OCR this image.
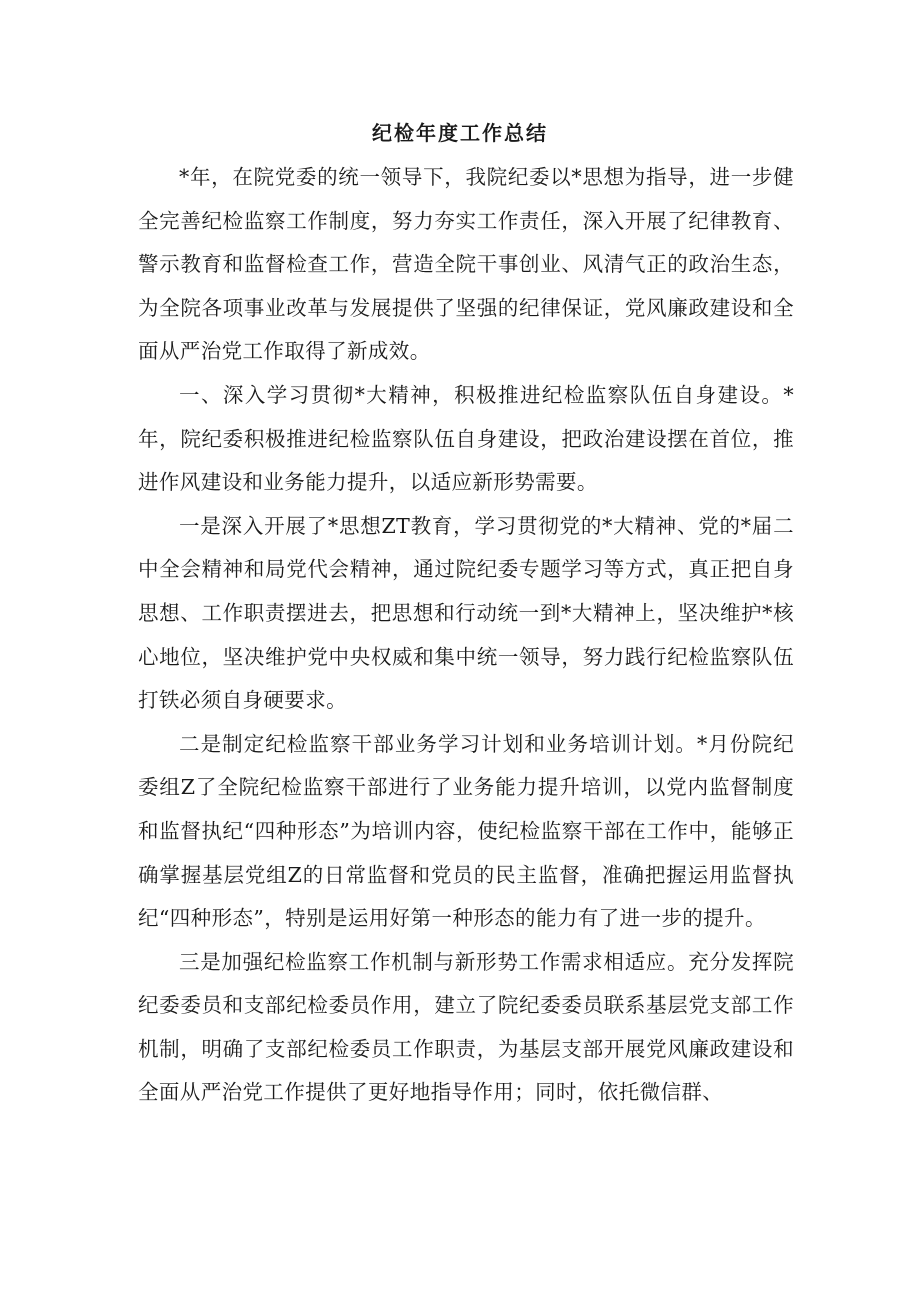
纪检年度工作总结

*年，在院党委的统一领导下，我院纪委以*思想为指导，进一步健全完善纪检监察工作制度，努力夯实工作责任，深入开展了纪律教育、警示教育和监督检查工作，营造全院干事创业、风清气正的政治生态，为全院各项事业改革与发展提供了坚强的纪律保证，党风廉政建设和全面从严治党工作取得了新成效。

一、深入学习贯彻*大精神，积极推进纪检监察队伍自身建设。*年，院纪委积极推进纪检监察队伍自身建设，把政治建设摆在首位，推进作风建设和业务能力提升，以适应新形势需要。

一是深入开展了*思想ZT教育，学习贯彻党的*大精神、党的*届二中全会精神和局党代会精神，通过院纪委专题学习等方式，真正把自身思想、工作职责摆进去，把思想和行动统一到*大精神上，坚决维护*核心地位，坚决维护党中央权威和集中统一领导，努力践行纪检监察队伍打铁必须自身硬要求。

二是制定纪检监察干部业务学习计划和业务培训计划。*月份院纪委组Z了全院纪检监察干部进行了业务能力提升培训，以党内监督制度和监督执纪“四种形态”为培训内容，使纪检监察干部在工作中，能够正确掌握基层党组Z的日常监督和党员的民主监督，准确把握运用监督执纪“四种形态”，特别是运用好第一种形态的能力有了进一步的提升。

三是加强纪检监察工作机制与新形势工作需求相适应。充分发挥院纪委委员和支部纪检委员作用，建立了院纪委委员联系基层党支部工作机制，明确了支部纪检委员工作职责，为基层支部开展党风廉政建设和全面从严治党工作提供了更好地指导作用；同时，依托微信群、
